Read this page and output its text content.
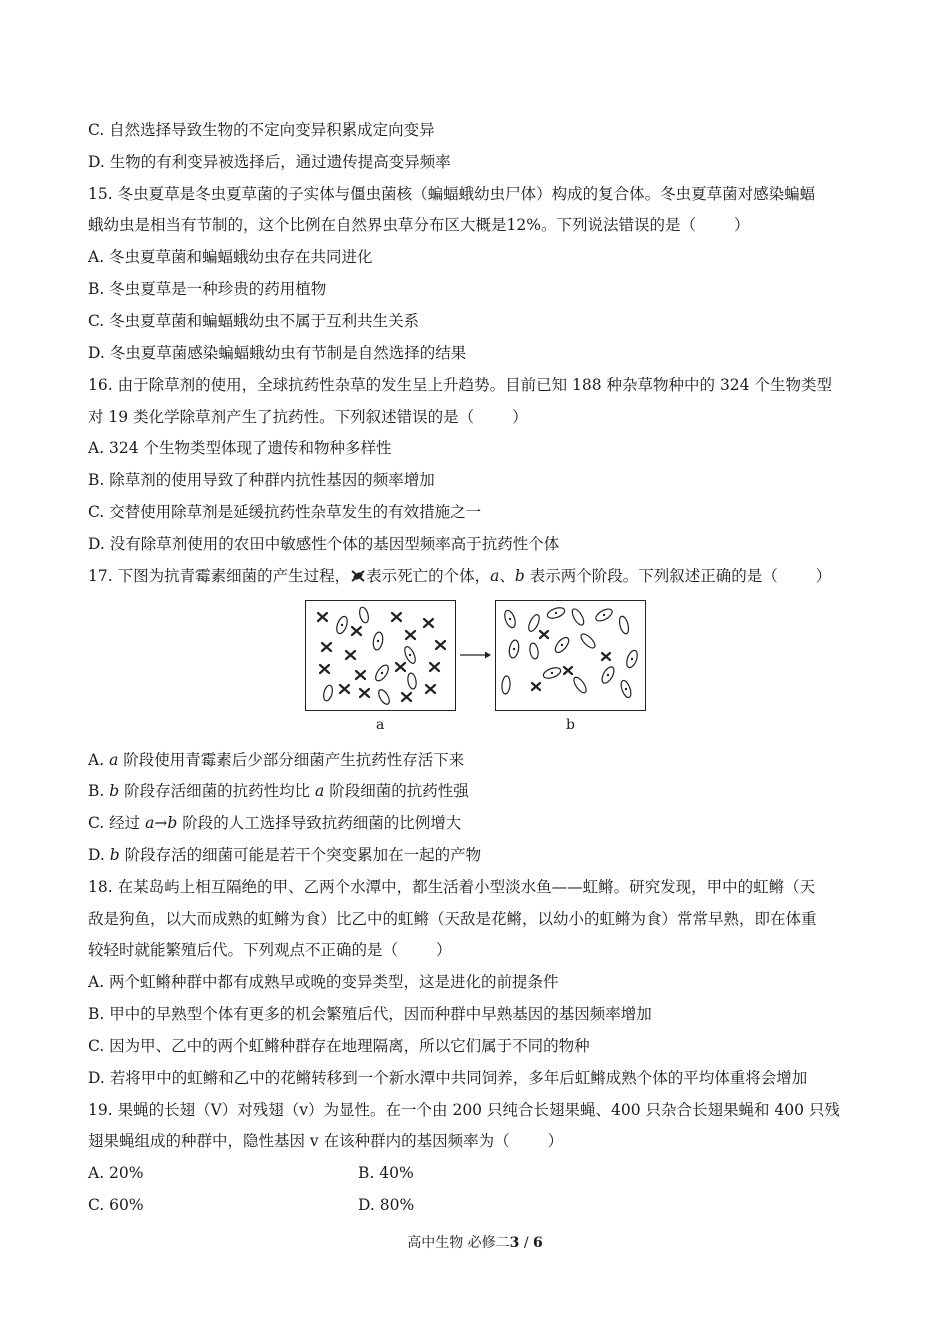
C. 自然选择导致生物的不定向变异积累成定向变异

D. 生物的有利变异被选择后，通过遗传提高变异频率

15. 冬虫夏草是冬虫夏草菌的子实体与僵虫菌核（蝙蝠蛾幼虫尸体）构成的复合体。冬虫夏草菌对感染蝙蝠

蛾幼虫是相当有节制的，这个比例在自然界虫草分布区大概是12%。下列说法错误的是（ ）

A. 冬虫夏草菌和蝙蝠蛾幼虫存在共同进化

B. 冬虫夏草是一种珍贵的药用植物

C. 冬虫夏草菌和蝙蝠蛾幼虫不属于互利共生关系

D. 冬虫夏草菌感染蝙蝠蛾幼虫有节制是自然选择的结果

16. 由于除草剂的使用，全球抗药性杂草的发生呈上升趋势。目前已知 188 种杂草物种中的 324 个生物类型

对 19 类化学除草剂产生了抗药性。下列叙述错误的是（ ）

A. 324 个生物类型体现了遗传和物种多样性

B. 除草剂的使用导致了种群内抗性基因的频率增加

C. 交替使用除草剂是延缓抗药性杂草发生的有效措施之一

D. 没有除草剂使用的农田中敏感性个体的基因型频率高于抗药性个体

17. 下图为抗青霉素细菌的产生过程， 表示死亡的个体，a、b 表示两个阶段。下列叙述正确的是（ ）

a	b

A. a 阶段使用青霉素后少部分细菌产生抗药性存活下来

B. b 阶段存活细菌的抗药性均比 a 阶段细菌的抗药性强

C. 经过 a→b 阶段的人工选择导致抗药细菌的比例增大

D. b 阶段存活的细菌可能是若干个突变累加在一起的产物

18. 在某岛屿上相互隔绝的甲、乙两个水潭中，都生活着小型淡水鱼——虹鳉。研究发现，甲中的虹鳉（天

敌是狗鱼，以大而成熟的虹鳉为食）比乙中的虹鳉（天敌是花鳉，以幼小的虹鳉为食）常常早熟，即在体重

较轻时就能繁殖后代。下列观点不正确的是（ ）

A. 两个虹鳉种群中都有成熟早或晚的变异类型，这是进化的前提条件

B. 甲中的早熟型个体有更多的机会繁殖后代，因而种群中早熟基因的基因频率增加

C. 因为甲、乙中的两个虹鳉种群存在地理隔离，所以它们属于不同的物种

D. 若将甲中的虹鳉和乙中的花鳉转移到一个新水潭中共同饲养，多年后虹鳉成熟个体的平均体重将会增加

19. 果蝇的长翅（V）对残翅（v）为显性。在一个由 200 只纯合长翅果蝇、400 只杂合长翅果蝇和 400 只残

翅果蝇组成的种群中，隐性基因 v 在该种群内的基因频率为（ ）

A. 20%	B. 40%

C. 60%	D. 80%
高中生物 必修二3 / 6
